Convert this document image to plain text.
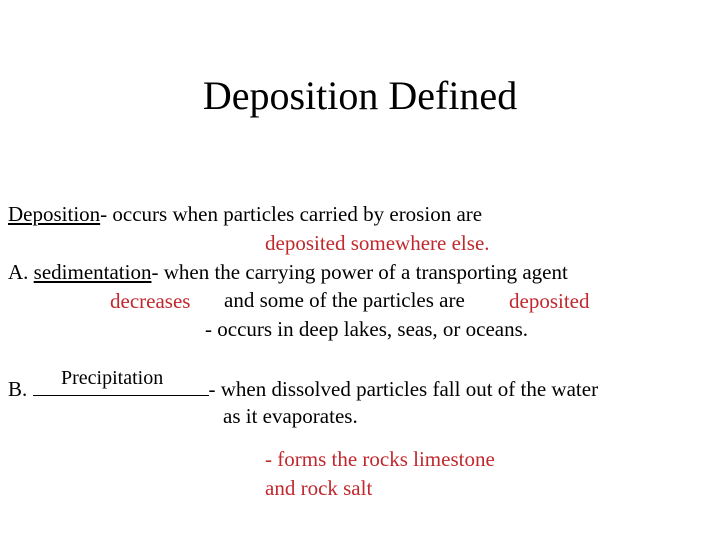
Deposition Defined
Deposition- occurs when particles carried by erosion are
deposited somewhere else.
A. sedimentation- when the carrying power of a transporting agent
decreases and some of the particles are deposited
- occurs in deep lakes, seas, or oceans.
B.	- when dissolved particles fall out of the water
Precipitation
as it evaporates.
- forms the rocks limestone
and rock salt
